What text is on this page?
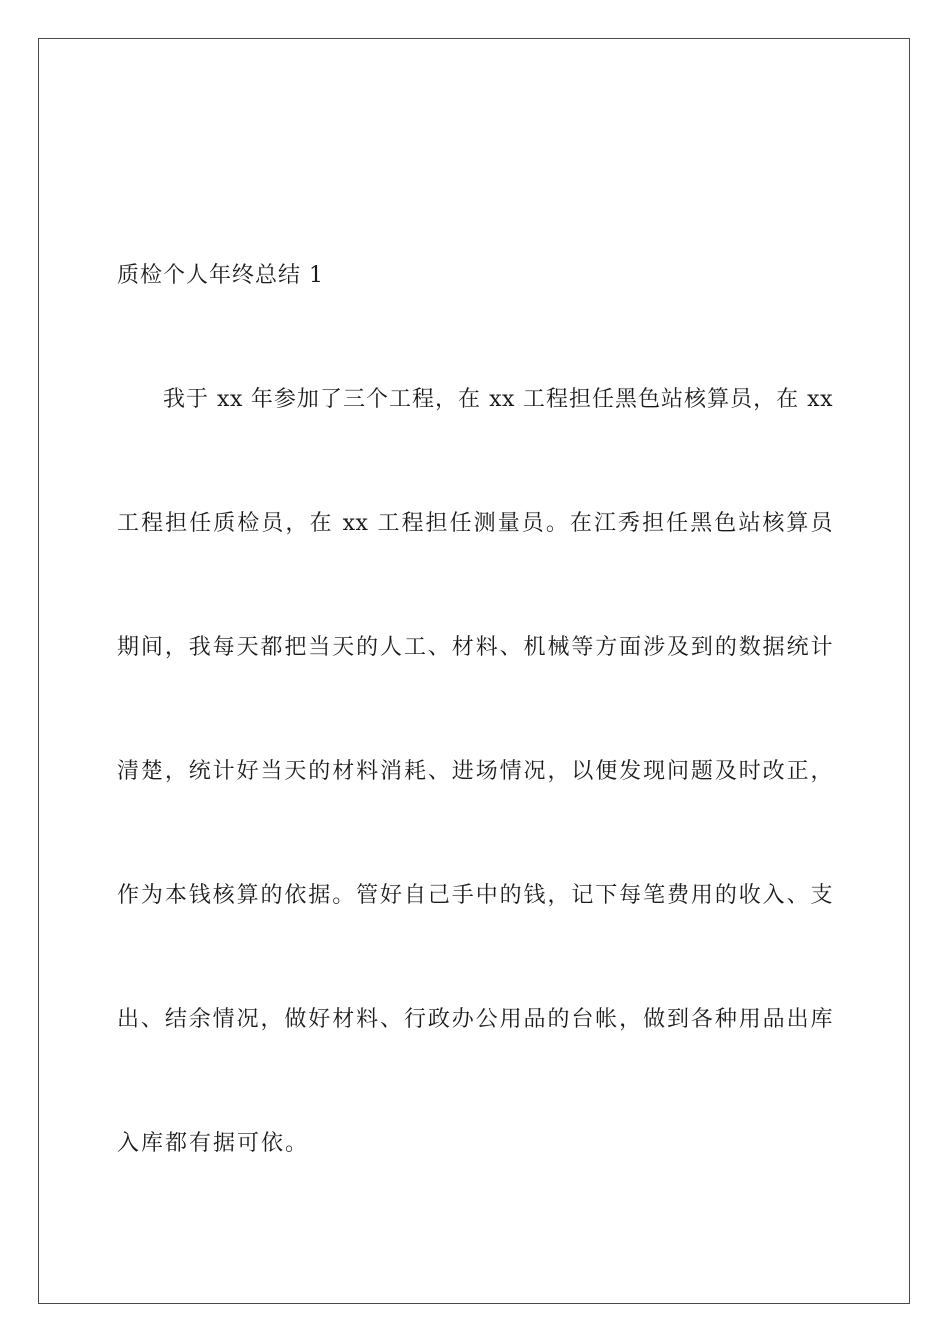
质检个人年终总结 1
我于 xx 年参加了三个工程，在 xx 工程担任黑色站核算员，在 xx
工程担任质检员，在 xx 工程担任测量员。在江秀担任黑色站核算员
期间，我每天都把当天的人工、材料、机械等方面涉及到的数据统计
清楚，统计好当天的材料消耗、进场情况，以便发现问题及时改正，
作为本钱核算的依据。管好自己手中的钱，记下每笔费用的收入、支
出、结余情况，做好材料、行政办公用品的台帐，做到各种用品出库
入库都有据可依。
